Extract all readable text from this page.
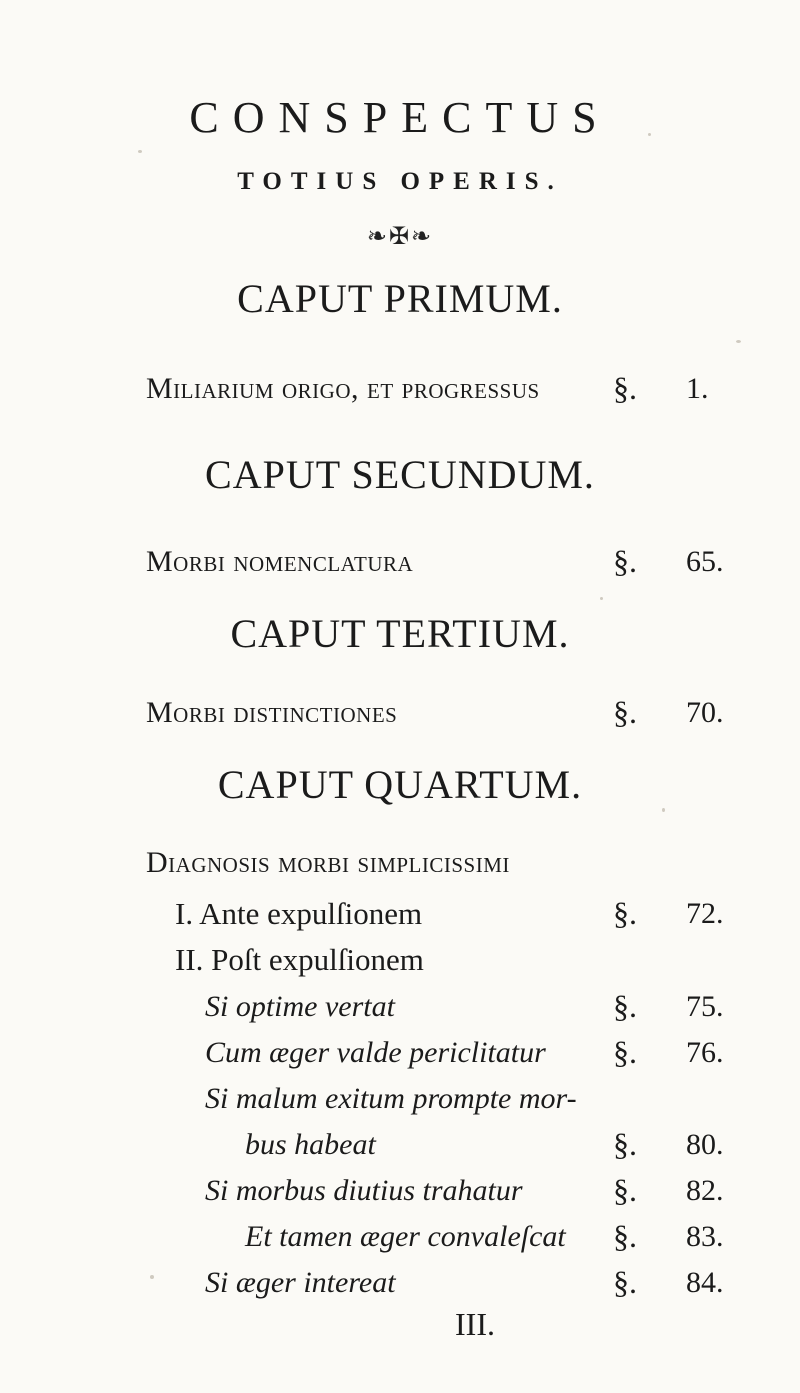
CONSPECTUS
TOTIUS OPERIS.
❧✠❧
CAPUT PRIMUM.
Miliarium origo, et progressus §. 1.
CAPUT SECUNDUM.
Morbi nomenclatura	§. 65.
CAPUT TERTIUM.
Morbi distinctiones	§. 70.
CAPUT QUARTUM.
Diagnosis morbi simplicissimi
I. Ante expulſionem	§. 72.
II. Poſt expulſionem
Si optime vertat	§. 75.
Cum æger valde periclitatur §. 76.
Si malum exitum prompte mor-
bus habeat	§. 80.
Si morbus diutius trahatur	§. 82.
Et tamen æger convaleſcat §. 83.
Si æger intereat	§. 84.
III.
